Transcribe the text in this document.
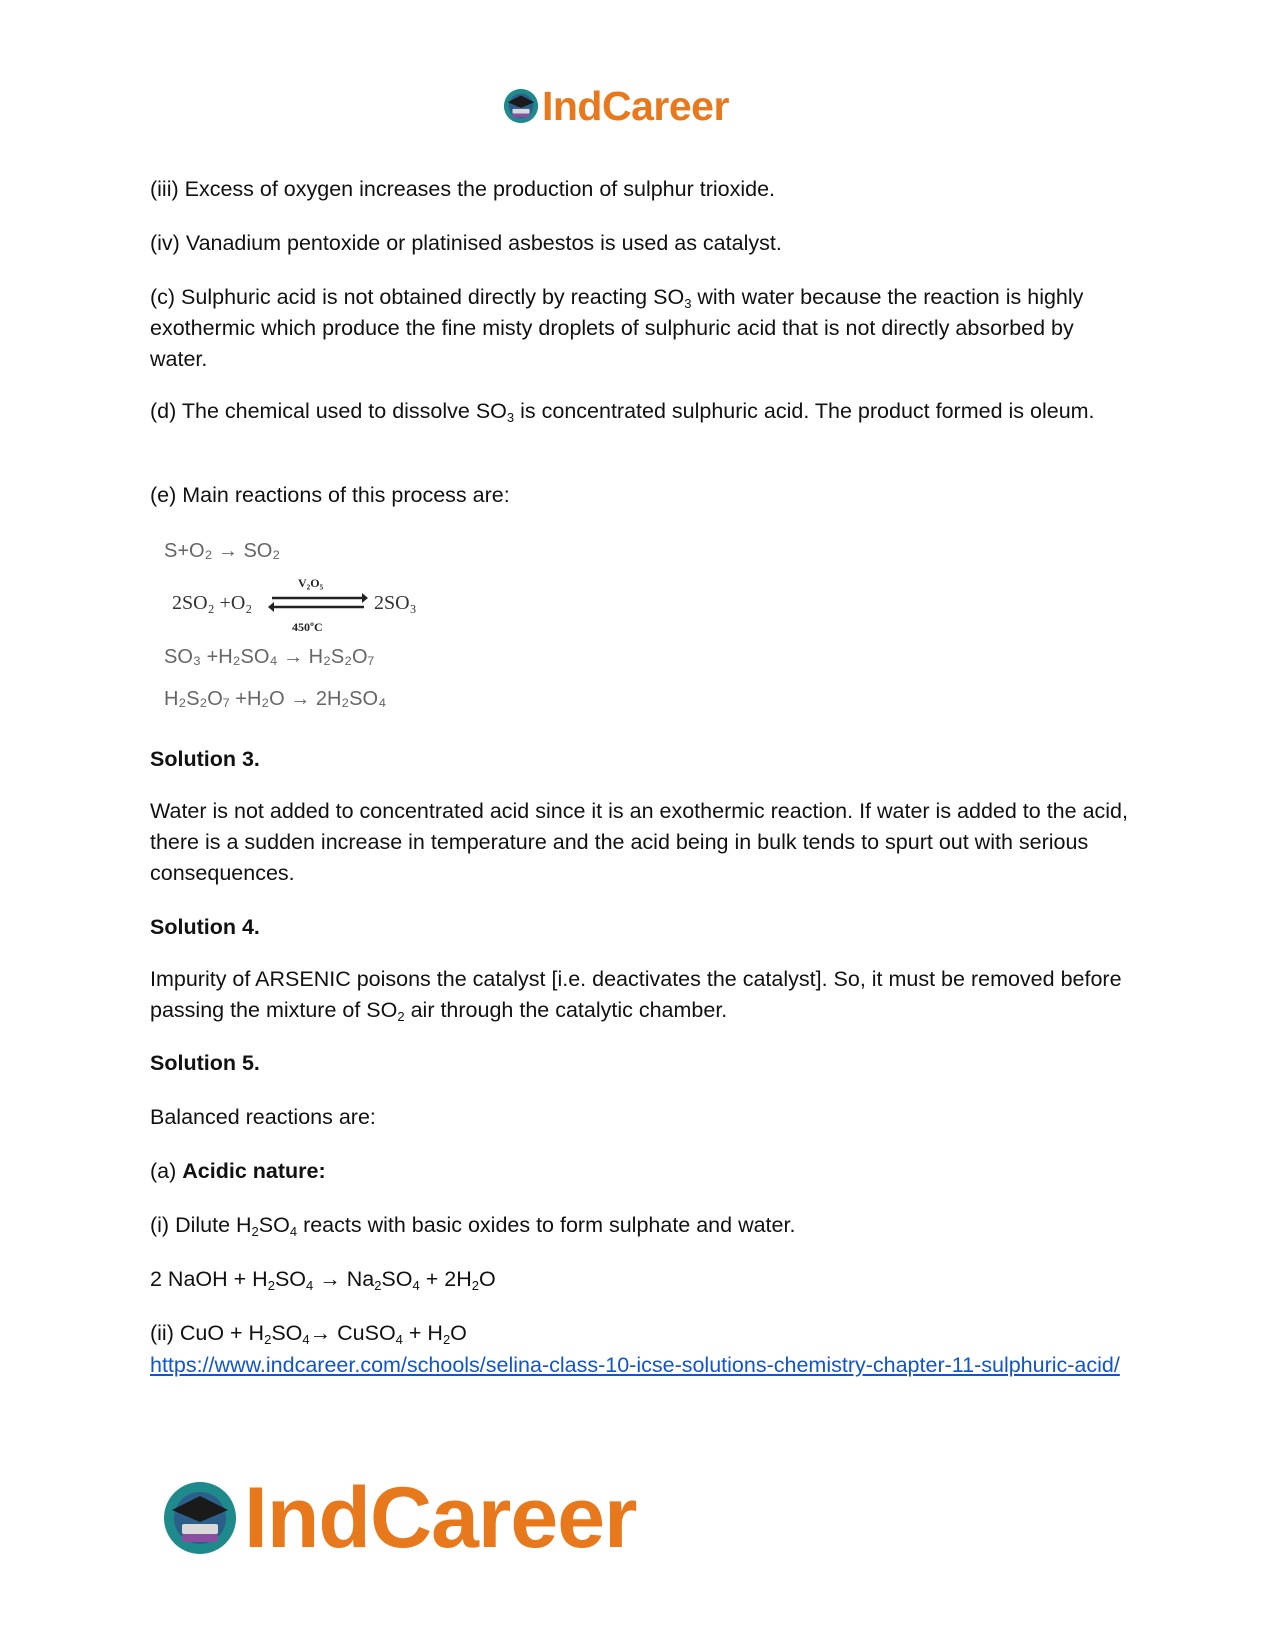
IndCareer

(iii) Excess of oxygen increases the production of sulphur trioxide.

(iv) Vanadium pentoxide or platinised asbestos is used as catalyst.

(c) Sulphuric acid is not obtained directly by reacting $SO_3$ with water because the reaction is highly exothermic which produce the fine misty droplets of sulphuric acid that is not directly absorbed by water.

(d) The chemical used to dissolve $SO_3$ is concentrated sulphuric acid. The product formed is oleum.

(e) Main reactions of this process are:

S+O₂ → SO₂
2SO₂ +O₂
V₂O₅
450ºC
2SO₃
SO₃ +H₂SO₄ → H₂S₂O₇
H₂S₂O₇ +H₂O → 2H₂SO₄

Solution 3.

Water is not added to concentrated acid since it is an exothermic reaction. If water is added to the acid, there is a sudden increase in temperature and the acid being in bulk tends to spurt out with serious consequences.

Solution 4.

Impurity of ARSENIC poisons the catalyst [i.e. deactivates the catalyst]. So, it must be removed before passing the mixture of $SO_2$ air through the catalytic chamber.

Solution 5.

Balanced reactions are:

(a) Acidic nature:

(i) Dilute $H_2SO_4$ reacts with basic oxides to form sulphate and water.

2 NaOH + $H_2SO_4 \to Na_2SO_4 + 2H_2O$

(ii) CuO + $H_2SO_4\to$ CuSO$_4$ + $H_2O$

https://www.indcareer.com/schools/selina-class-10-icse-solutions-chemistry-chapter-11-sulphuric-acid/
IndCareer
